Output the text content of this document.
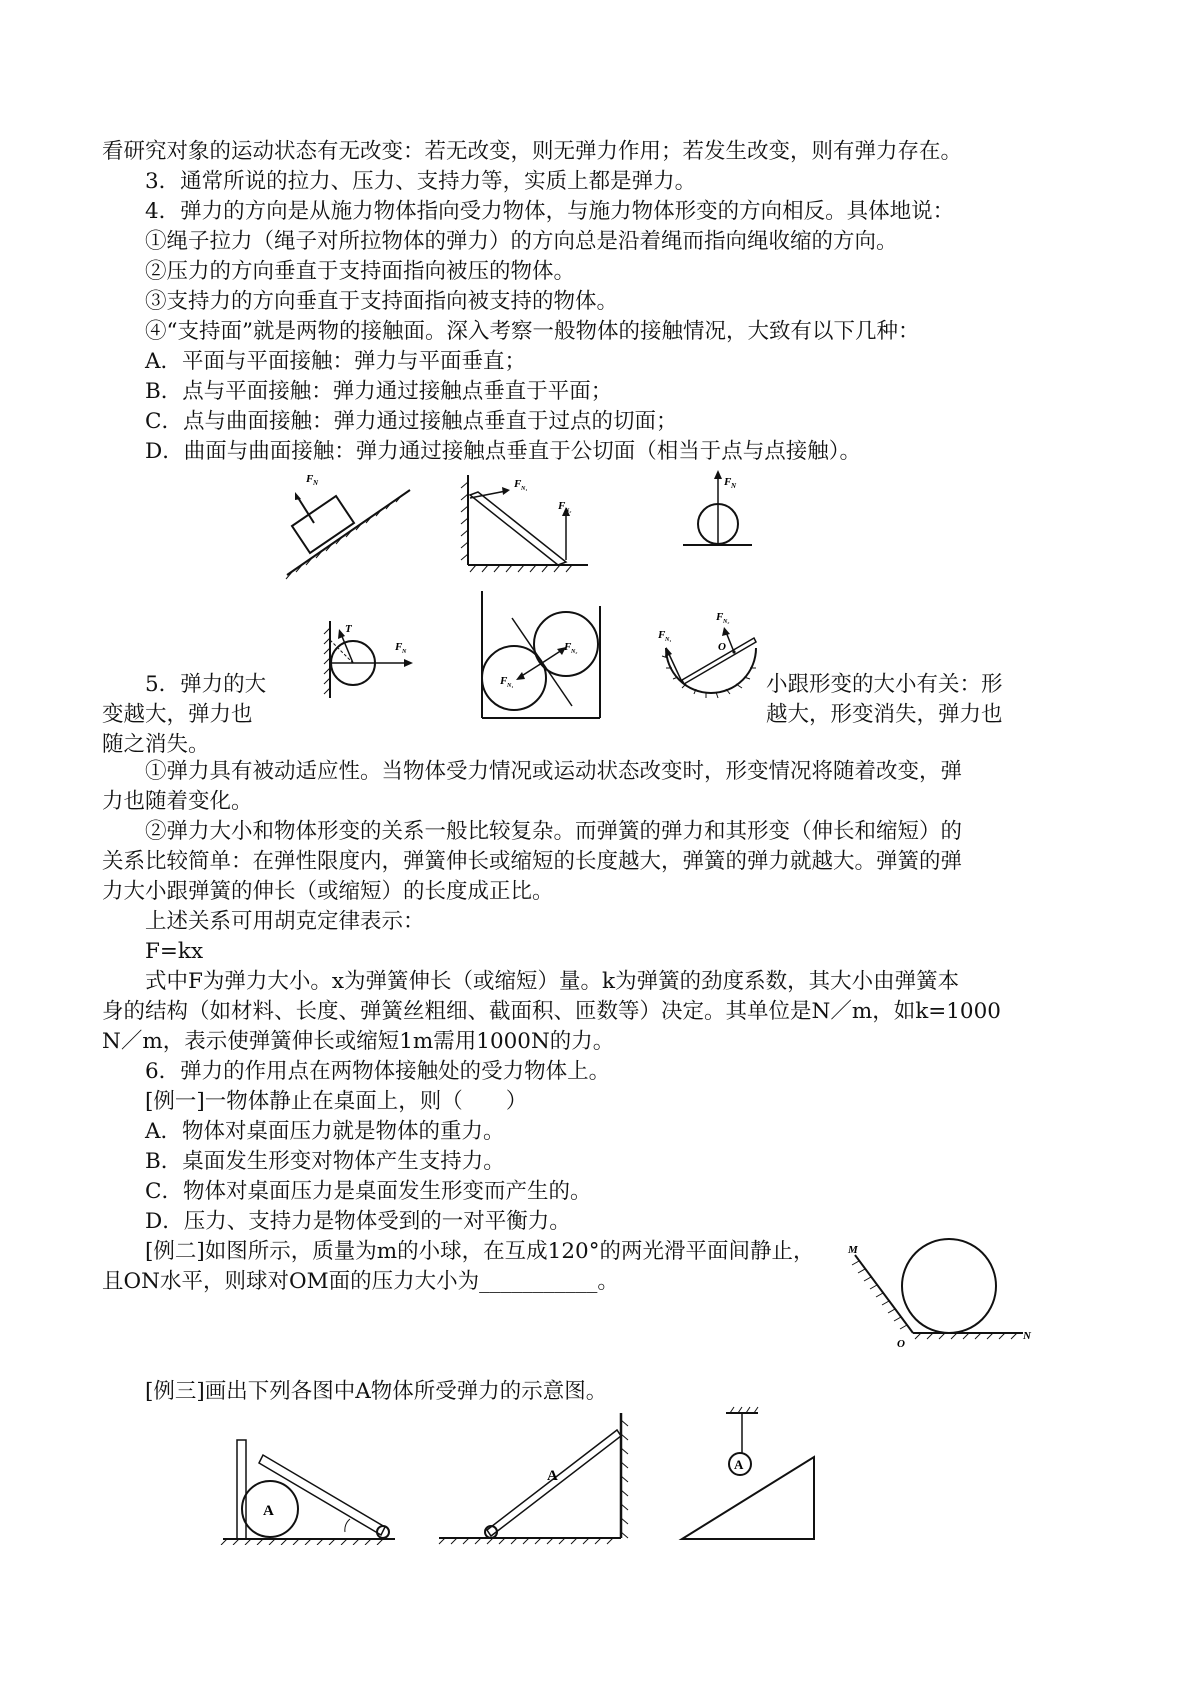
看研究对象的运动状态有无改变：若无改变，则无弹力作用；若发生改变，则有弹力存在。
3．通常所说的拉力、压力、支持力等，实质上都是弹力。
4．弹力的方向是从施力物体指向受力物体，与施力物体形变的方向相反。具体地说：
①绳子拉力（绳子对所拉物体的弹力）的方向总是沿着绳而指向绳收缩的方向。
②压力的方向垂直于支持面指向被压的物体。
③支持力的方向垂直于支持面指向被支持的物体。
④“支持面”就是两物的接触面。深入考察一般物体的接触情况，大致有以下几种：
A．平面与平面接触：弹力与平面垂直；
B．点与平面接触：弹力通过接触点垂直于平面；
C．点与曲面接触：弹力通过接触点垂直于过点的切面；
D．曲面与曲面接触：弹力通过接触点垂直于公切面（相当于点与点接触）。
F N	F N₁
F N₂
F N
5．弹力的大	小跟形变的大小有关：形
变越大，弹力也	越大，形变消失，弹力也
随之消失。
T
F N
F N₁
F N₂
F N₁
F N₂
O
①弹力具有被动适应性。当物体受力情况或运动状态改变时，形变情况将随着改变，弹
力也随着变化。
②弹力大小和物体形变的关系一般比较复杂。而弹簧的弹力和其形变（伸长和缩短）的
关系比较简单：在弹性限度内，弹簧伸长或缩短的长度越大，弹簧的弹力就越大。弹簧的弹
力大小跟弹簧的伸长（或缩短）的长度成正比。
上述关系可用胡克定律表示：
F=kx
式中F为弹力大小。x为弹簧伸长（或缩短）量。k为弹簧的劲度系数，其大小由弹簧本
身的结构（如材料、长度、弹簧丝粗细、截面积、匝数等）决定。其单位是N／m，如k=1000
N／m，表示使弹簧伸长或缩短1m需用1000N的力。
6．弹力的作用点在两物体接触处的受力物体上。
[例一]一物体静止在桌面上，则（　　）
A．物体对桌面压力就是物体的重力。
B．桌面发生形变对物体产生支持力。
C．物体对桌面压力是桌面发生形变而产生的。
D．压力、支持力是物体受到的一对平衡力。
[例二]如图所示，质量为m的小球，在互成120°的两光滑平面间静止，
且ON水平，则球对OM面的压力大小为___________。
M
O
N
[例三]画出下列各图中A物体所受弹力的示意图。
A
A
A
